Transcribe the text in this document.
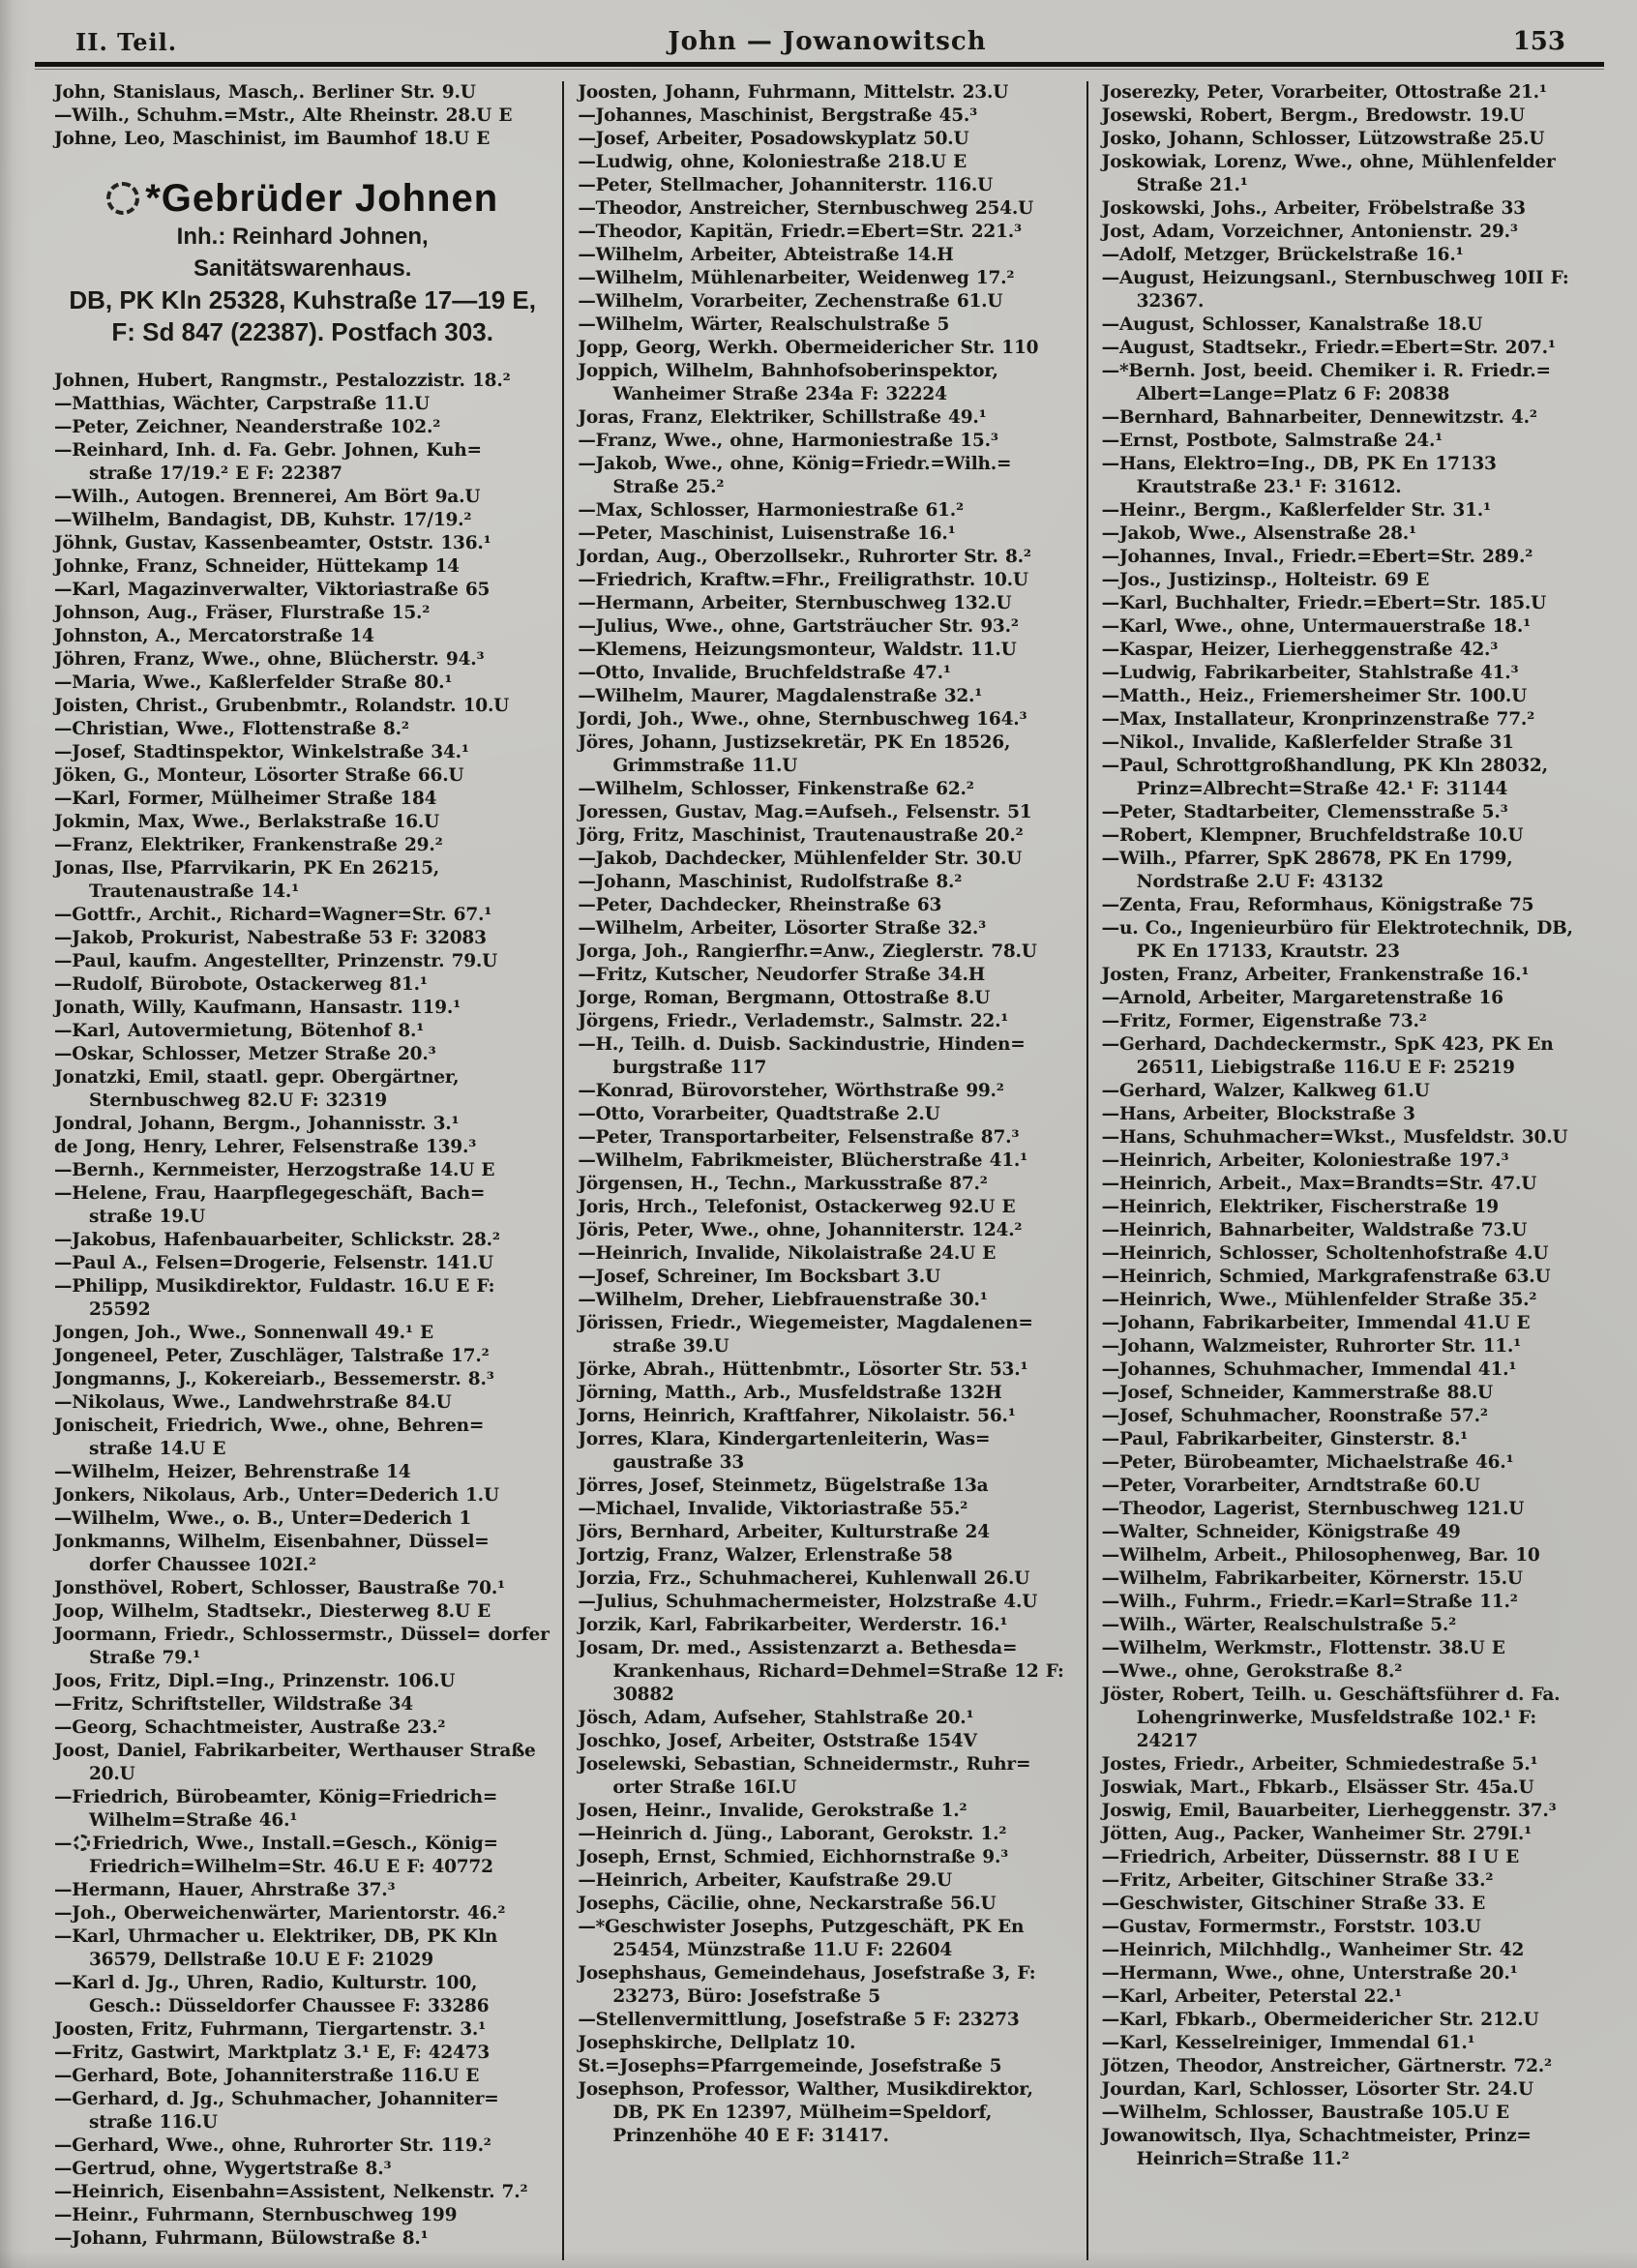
II. Teil.	John — Jowanowitsch	153
John, Stanislaus, Masch,. Berliner Str. 9.U
—Wilh., Schuhm.=Mstr., Alte Rheinstr. 28.U E
Johne, Leo, Maschinist, im Baumhof 18.U E
*Gebrüder Johnen
Inh.: Reinhard Johnen,
Sanitätswarenhaus.
DB, PK Kln 25328, Kuhstraße 17—19 E,
F: Sd 847 (22387). Postfach 303.
Johnen, Hubert, Rangmstr., Pestalozzistr. 18.²
—Matthias, Wächter, Carpstraße 11.U
—Peter, Zeichner, Neanderstraße 102.²
—Reinhard, Inh. d. Fa. Gebr. Johnen, Kuh= straße 17/19.² E F: 22387
—Wilh., Autogen. Brennerei, Am Bört 9a.U
—Wilhelm, Bandagist, DB, Kuhstr. 17/19.²
Jöhnk, Gustav, Kassenbeamter, Oststr. 136.¹
Johnke, Franz, Schneider, Hüttekamp 14
—Karl, Magazinverwalter, Viktoriastraße 65
Johnson, Aug., Fräser, Flurstraße 15.²
Johnston, A., Mercatorstraße 14
Jöhren, Franz, Wwe., ohne, Blücherstr. 94.³
—Maria, Wwe., Kaßlerfelder Straße 80.¹
Joisten, Christ., Grubenbmtr., Rolandstr. 10.U
—Christian, Wwe., Flottenstraße 8.²
—Josef, Stadtinspektor, Winkelstraße 34.¹
Jöken, G., Monteur, Lösorter Straße 66.U
—Karl, Former, Mülheimer Straße 184
Jokmin, Max, Wwe., Berlakstraße 16.U
—Franz, Elektriker, Frankenstraße 29.²
Jonas, Ilse, Pfarrvikarin, PK En 26215, Trautenaustraße 14.¹
—Gottfr., Archit., Richard=Wagner=Str. 67.¹
—Jakob, Prokurist, Nabestraße 53 F: 32083
—Paul, kaufm. Angestellter, Prinzenstr. 79.U
—Rudolf, Bürobote, Ostackerweg 81.¹
Jonath, Willy, Kaufmann, Hansastr. 119.¹
—Karl, Autovermietung, Bötenhof 8.¹
—Oskar, Schlosser, Metzer Straße 20.³
Jonatzki, Emil, staatl. gepr. Obergärtner, Sternbuschweg 82.U F: 32319
Jondral, Johann, Bergm., Johannisstr. 3.¹
de Jong, Henry, Lehrer, Felsenstraße 139.³
—Bernh., Kernmeister, Herzogstraße 14.U E
—Helene, Frau, Haarpflegegeschäft, Bach= straße 19.U
—Jakobus, Hafenbauarbeiter, Schlickstr. 28.²
—Paul A., Felsen=Drogerie, Felsenstr. 141.U
—Philipp, Musikdirektor, Fuldastr. 16.U E F: 25592
Jongen, Joh., Wwe., Sonnenwall 49.¹ E
Jongeneel, Peter, Zuschläger, Talstraße 17.²
Jongmanns, J., Kokereiarb., Bessemerstr. 8.³
—Nikolaus, Wwe., Landwehrstraße 84.U
Jonischeit, Friedrich, Wwe., ohne, Behren= straße 14.U E
—Wilhelm, Heizer, Behrenstraße 14
Jonkers, Nikolaus, Arb., Unter=Dederich 1.U
—Wilhelm, Wwe., o. B., Unter=Dederich 1
Jonkmanns, Wilhelm, Eisenbahner, Düssel= dorfer Chaussee 102I.²
Jonsthövel, Robert, Schlosser, Baustraße 70.¹
Joop, Wilhelm, Stadtsekr., Diesterweg 8.U E
Joormann, Friedr., Schlossermstr., Düssel= dorfer Straße 79.¹
Joos, Fritz, Dipl.=Ing., Prinzenstr. 106.U
—Fritz, Schriftsteller, Wildstraße 34
—Georg, Schachtmeister, Austraße 23.²
Joost, Daniel, Fabrikarbeiter, Werthauser Straße 20.U
—Friedrich, Bürobeamter, König=Friedrich= Wilhelm=Straße 46.¹
— Friedrich, Wwe., Install.=Gesch., König= Friedrich=Wilhelm=Str. 46.U E F: 40772
—Hermann, Hauer, Ahrstraße 37.³
—Joh., Oberweichenwärter, Marientorstr. 46.²
—Karl, Uhrmacher u. Elektriker, DB, PK Kln 36579, Dellstraße 10.U E F: 21029
—Karl d. Jg., Uhren, Radio, Kulturstr. 100, Gesch.: Düsseldorfer Chaussee F: 33286
Joosten, Fritz, Fuhrmann, Tiergartenstr. 3.¹
—Fritz, Gastwirt, Marktplatz 3.¹ E, F: 42473
—Gerhard, Bote, Johanniterstraße 116.U E
—Gerhard, d. Jg., Schuhmacher, Johanniter= straße 116.U
—Gerhard, Wwe., ohne, Ruhrorter Str. 119.²
—Gertrud, ohne, Wygertstraße 8.³
—Heinrich, Eisenbahn=Assistent, Nelkenstr. 7.²
—Heinr., Fuhrmann, Sternbuschweg 199
—Johann, Fuhrmann, Bülowstraße 8.¹
Joosten, Johann, Fuhrmann, Mittelstr. 23.U
—Johannes, Maschinist, Bergstraße 45.³
—Josef, Arbeiter, Posadowskyplatz 50.U
—Ludwig, ohne, Koloniestraße 218.U E
—Peter, Stellmacher, Johanniterstr. 116.U
—Theodor, Anstreicher, Sternbuschweg 254.U
—Theodor, Kapitän, Friedr.=Ebert=Str. 221.³
—Wilhelm, Arbeiter, Abteistraße 14.H
—Wilhelm, Mühlenarbeiter, Weidenweg 17.²
—Wilhelm, Vorarbeiter, Zechenstraße 61.U
—Wilhelm, Wärter, Realschulstraße 5
Jopp, Georg, Werkh. Obermeidericher Str. 110
Joppich, Wilhelm, Bahnhofsoberinspektor, Wanheimer Straße 234a F: 32224
Joras, Franz, Elektriker, Schillstraße 49.¹
—Franz, Wwe., ohne, Harmoniestraße 15.³
—Jakob, Wwe., ohne, König=Friedr.=Wilh.= Straße 25.²
—Max, Schlosser, Harmoniestraße 61.²
—Peter, Maschinist, Luisenstraße 16.¹
Jordan, Aug., Oberzollsekr., Ruhrorter Str. 8.²
—Friedrich, Kraftw.=Fhr., Freiligrathstr. 10.U
—Hermann, Arbeiter, Sternbuschweg 132.U
—Julius, Wwe., ohne, Gartsträucher Str. 93.²
—Klemens, Heizungsmonteur, Waldstr. 11.U
—Otto, Invalide, Bruchfeldstraße 47.¹
—Wilhelm, Maurer, Magdalenstraße 32.¹
Jordi, Joh., Wwe., ohne, Sternbuschweg 164.³
Jöres, Johann, Justizsekretär, PK En 18526, Grimmstraße 11.U
—Wilhelm, Schlosser, Finkenstraße 62.²
Joressen, Gustav, Mag.=Aufseh., Felsenstr. 51
Jörg, Fritz, Maschinist, Trautenaustraße 20.²
—Jakob, Dachdecker, Mühlenfelder Str. 30.U
—Johann, Maschinist, Rudolfstraße 8.²
—Peter, Dachdecker, Rheinstraße 63
—Wilhelm, Arbeiter, Lösorter Straße 32.³
Jorga, Joh., Rangierfhr.=Anw., Zieglerstr. 78.U
—Fritz, Kutscher, Neudorfer Straße 34.H
Jorge, Roman, Bergmann, Ottostraße 8.U
Jörgens, Friedr., Verlademstr., Salmstr. 22.¹
—H., Teilh. d. Duisb. Sackindustrie, Hinden= burgstraße 117
—Konrad, Bürovorsteher, Wörthstraße 99.²
—Otto, Vorarbeiter, Quadtstraße 2.U
—Peter, Transportarbeiter, Felsenstraße 87.³
—Wilhelm, Fabrikmeister, Blücherstraße 41.¹
Jörgensen, H., Techn., Markusstraße 87.²
Joris, Hrch., Telefonist, Ostackerweg 92.U E
Jöris, Peter, Wwe., ohne, Johanniterstr. 124.²
—Heinrich, Invalide, Nikolaistraße 24.U E
—Josef, Schreiner, Im Bocksbart 3.U
—Wilhelm, Dreher, Liebfrauenstraße 30.¹
Jörissen, Friedr., Wiegemeister, Magdalenen= straße 39.U
Jörke, Abrah., Hüttenbmtr., Lösorter Str. 53.¹
Jörning, Matth., Arb., Musfeldstraße 132H
Jorns, Heinrich, Kraftfahrer, Nikolaistr. 56.¹
Jorres, Klara, Kindergartenleiterin, Was= gaustraße 33
Jörres, Josef, Steinmetz, Bügelstraße 13a
—Michael, Invalide, Viktoriastraße 55.²
Jörs, Bernhard, Arbeiter, Kulturstraße 24
Jortzig, Franz, Walzer, Erlenstraße 58
Jorzia, Frz., Schuhmacherei, Kuhlenwall 26.U
—Julius, Schuhmachermeister, Holzstraße 4.U
Jorzik, Karl, Fabrikarbeiter, Werderstr. 16.¹
Josam, Dr. med., Assistenzarzt a. Bethesda= Krankenhaus, Richard=Dehmel=Straße 12 F: 30882
Jösch, Adam, Aufseher, Stahlstraße 20.¹
Joschko, Josef, Arbeiter, Oststraße 154V
Joselewski, Sebastian, Schneidermstr., Ruhr= orter Straße 16I.U
Josen, Heinr., Invalide, Gerokstraße 1.²
—Heinrich d. Jüng., Laborant, Gerokstr. 1.²
Joseph, Ernst, Schmied, Eichhornstraße 9.³
—Heinrich, Arbeiter, Kaufstraße 29.U
Josephs, Cäcilie, ohne, Neckarstraße 56.U
—*Geschwister Josephs, Putzgeschäft, PK En 25454, Münzstraße 11.U F: 22604
Josephshaus, Gemeindehaus, Josefstraße 3, F: 23273, Büro: Josefstraße 5
—Stellenvermittlung, Josefstraße 5 F: 23273
Josephskirche, Dellplatz 10.
St.=Josephs=Pfarrgemeinde, Josefstraße 5
Josephson, Professor, Walther, Musikdirektor, DB, PK En 12397, Mülheim=Speldorf, Prinzenhöhe 40 E F: 31417.
Joserezky, Peter, Vorarbeiter, Ottostraße 21.¹
Josewski, Robert, Bergm., Bredowstr. 19.U
Josko, Johann, Schlosser, Lützowstraße 25.U
Joskowiak, Lorenz, Wwe., ohne, Mühlenfelder Straße 21.¹
Joskowski, Johs., Arbeiter, Fröbelstraße 33
Jost, Adam, Vorzeichner, Antonienstr. 29.³
—Adolf, Metzger, Brückelstraße 16.¹
—August, Heizungsanl., Sternbuschweg 10II F: 32367.
—August, Schlosser, Kanalstraße 18.U
—August, Stadtsekr., Friedr.=Ebert=Str. 207.¹
—*Bernh. Jost, beeid. Chemiker i. R. Friedr.= Albert=Lange=Platz 6 F: 20838
—Bernhard, Bahnarbeiter, Dennewitzstr. 4.²
—Ernst, Postbote, Salmstraße 24.¹
—Hans, Elektro=Ing., DB, PK En 17133 Krautstraße 23.¹ F: 31612.
—Heinr., Bergm., Kaßlerfelder Str. 31.¹
—Jakob, Wwe., Alsenstraße 28.¹
—Johannes, Inval., Friedr.=Ebert=Str. 289.²
—Jos., Justizinsp., Holteistr. 69 E
—Karl, Buchhalter, Friedr.=Ebert=Str. 185.U
—Karl, Wwe., ohne, Untermauerstraße 18.¹
—Kaspar, Heizer, Lierheggenstraße 42.³
—Ludwig, Fabrikarbeiter, Stahlstraße 41.³
—Matth., Heiz., Friemersheimer Str. 100.U
—Max, Installateur, Kronprinzenstraße 77.²
—Nikol., Invalide, Kaßlerfelder Straße 31
—Paul, Schrottgroßhandlung, PK Kln 28032, Prinz=Albrecht=Straße 42.¹ F: 31144
—Peter, Stadtarbeiter, Clemensstraße 5.³
—Robert, Klempner, Bruchfeldstraße 10.U
—Wilh., Pfarrer, SpK 28678, PK En 1799, Nordstraße 2.U F: 43132
—Zenta, Frau, Reformhaus, Königstraße 75
—u. Co., Ingenieurbüro für Elektrotechnik, DB, PK En 17133, Krautstr. 23
Josten, Franz, Arbeiter, Frankenstraße 16.¹
—Arnold, Arbeiter, Margaretenstraße 16
—Fritz, Former, Eigenstraße 73.²
—Gerhard, Dachdeckermstr., SpK 423, PK En 26511, Liebigstraße 116.U E F: 25219
—Gerhard, Walzer, Kalkweg 61.U
—Hans, Arbeiter, Blockstraße 3
—Hans, Schuhmacher=Wkst., Musfeldstr. 30.U
—Heinrich, Arbeiter, Koloniestraße 197.³
—Heinrich, Arbeit., Max=Brandts=Str. 47.U
—Heinrich, Elektriker, Fischerstraße 19
—Heinrich, Bahnarbeiter, Waldstraße 73.U
—Heinrich, Schlosser, Scholtenhofstraße 4.U
—Heinrich, Schmied, Markgrafenstraße 63.U
—Heinrich, Wwe., Mühlenfelder Straße 35.²
—Johann, Fabrikarbeiter, Immendal 41.U E
—Johann, Walzmeister, Ruhrorter Str. 11.¹
—Johannes, Schuhmacher, Immendal 41.¹
—Josef, Schneider, Kammerstraße 88.U
—Josef, Schuhmacher, Roonstraße 57.²
—Paul, Fabrikarbeiter, Ginsterstr. 8.¹
—Peter, Bürobeamter, Michaelstraße 46.¹
—Peter, Vorarbeiter, Arndtstraße 60.U
—Theodor, Lagerist, Sternbuschweg 121.U
—Walter, Schneider, Königstraße 49
—Wilhelm, Arbeit., Philosophenweg, Bar. 10
—Wilhelm, Fabrikarbeiter, Körnerstr. 15.U
—Wilh., Fuhrm., Friedr.=Karl=Straße 11.²
—Wilh., Wärter, Realschulstraße 5.²
—Wilhelm, Werkmstr., Flottenstr. 38.U E
—Wwe., ohne, Gerokstraße 8.²
Jöster, Robert, Teilh. u. Geschäftsführer d. Fa. Lohengrinwerke, Musfeldstraße 102.¹ F: 24217
Jostes, Friedr., Arbeiter, Schmiedestraße 5.¹
Joswiak, Mart., Fbkarb., Elsässer Str. 45a.U
Joswig, Emil, Bauarbeiter, Lierheggenstr. 37.³
Jötten, Aug., Packer, Wanheimer Str. 279I.¹
—Friedrich, Arbeiter, Düssernstr. 88 I U E
—Fritz, Arbeiter, Gitschiner Straße 33.²
—Geschwister, Gitschiner Straße 33. E
—Gustav, Formermstr., Forststr. 103.U
—Heinrich, Milchhdlg., Wanheimer Str. 42
—Hermann, Wwe., ohne, Unterstraße 20.¹
—Karl, Arbeiter, Peterstal 22.¹
—Karl, Fbkarb., Obermeidericher Str. 212.U
—Karl, Kesselreiniger, Immendal 61.¹
Jötzen, Theodor, Anstreicher, Gärtnerstr. 72.²
Jourdan, Karl, Schlosser, Lösorter Str. 24.U
—Wilhelm, Schlosser, Baustraße 105.U E
Jowanowitsch, Ilya, Schachtmeister, Prinz= Heinrich=Straße 11.²
